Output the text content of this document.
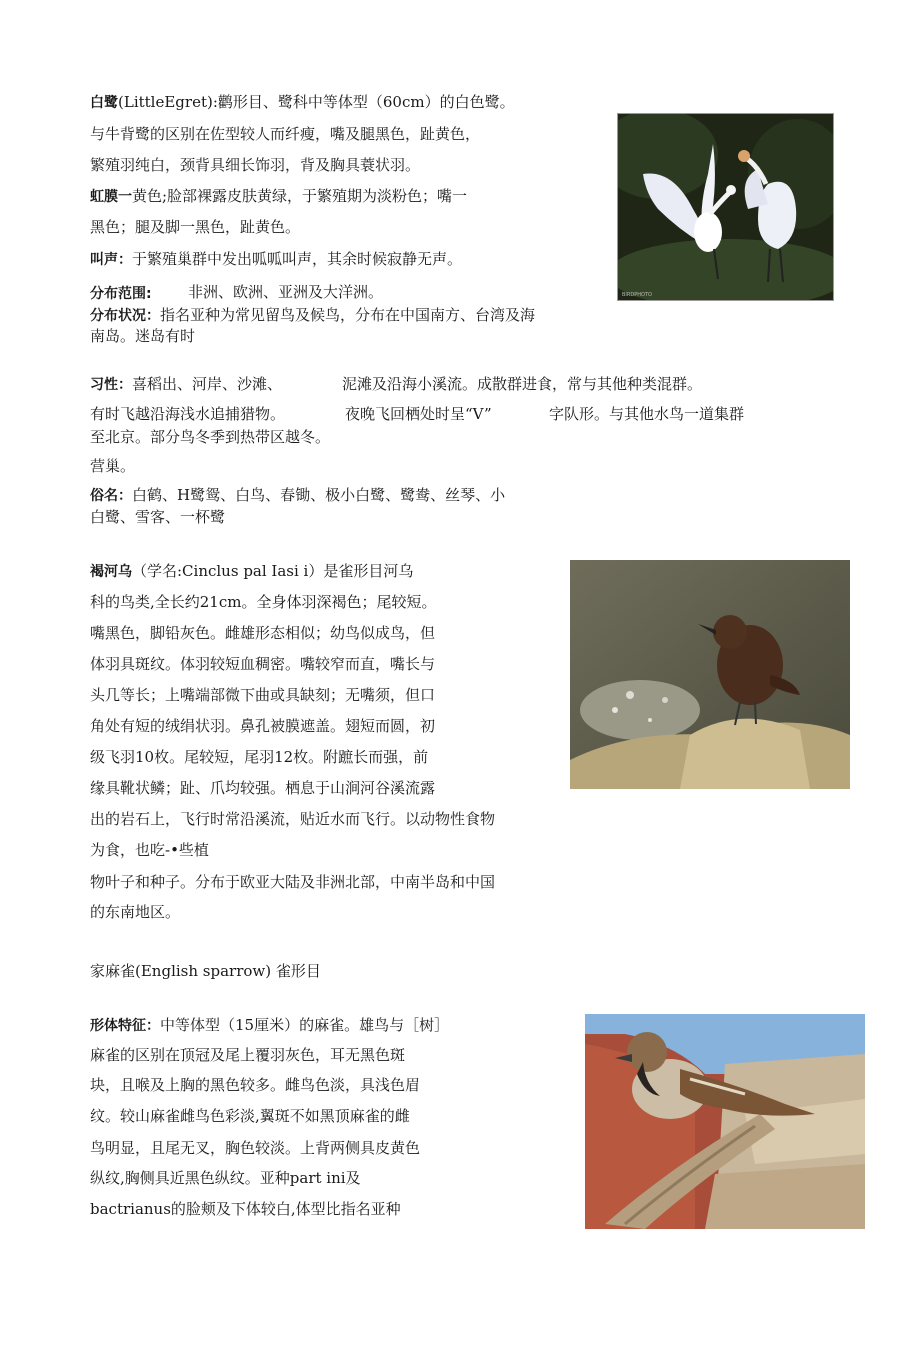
白鹭(LittleEgret):鹳形目、鹭科中等体型（60cm）的白色鹭。
与牛背鹭的区别在佐型较人而纤瘦，嘴及腿黑色，趾黄色，
繁殖羽纯白，颈背具细长饰羽，背及胸具蓑状羽。
虹膜一黄色;脸部裸露皮肤黄绿，于繁殖期为淡粉色；嘴一
黑色；腿及脚一黑色，趾黄色。
叫声：于繁殖巢群中发出呱呱叫声，其余时候寂静无声。
分布范围: 非洲、欧洲、亚洲及大洋洲。
分布状况：指名亚种为常见留鸟及候鸟，分布在中国南方、台湾及海
南岛。迷岛有时
习性：喜稻出、河岸、沙滩、	泥滩及沿海小溪流。成散群进食，常与其他种类混群。
有时飞越沿海浅水追捕猎物。	夜晚飞回栖处时呈“V”	字队形。与其他水鸟一道集群
至北京。部分鸟冬季到热带区越冬。
营巢。
俗名：白鹤、H鹭鸳、白鸟、春锄、极小白鹭、鹭鸯、丝琴、小
白鹭、雪客、一杯鹭
BIRDPHOTO
褐河乌（学名:Cinclus pal Iasi i）是雀形目河乌
科的鸟类,全长约21cm。全身体羽深褐色；尾较短。
嘴黑色，脚铅灰色。雌雄形态相似；幼鸟似成鸟，但
体羽具斑纹。体羽较短血稠密。嘴较窄而直，嘴长与
头几等长；上嘴端部微下曲或具缺刻；无嘴须，但口
角处有短的绒绢状羽。鼻孔被膜遮盖。翅短而圆，初
级飞羽10枚。尾较短，尾羽12枚。附蹠长而强，前
缘具靴状鳞；趾、爪均较强。栖息于山涧河谷溪流露
出的岩石上，飞行时常沿溪流，贴近水而飞行。以动物性食物
为食，也吃-•些植
物叶子和种子。分布于欧亚大陆及非洲北部，中南半岛和中国
的东南地区。
家麻雀(English sparrow) 雀形目
形体特征：中等体型（15厘米）的麻雀。雄鸟与［树］
麻雀的区别在顶冠及尾上覆羽灰色，耳无黑色斑
块，且喉及上胸的黑色较多。雌鸟色淡，具浅色眉
纹。较山麻雀雌鸟色彩淡,翼斑不如黑顶麻雀的雌
鸟明显，且尾无叉，胸色较淡。上背两侧具皮黄色
纵纹,胸侧具近黑色纵纹。亚种part ini及
bactrianus的脸颊及下体较白,体型比指名亚种
